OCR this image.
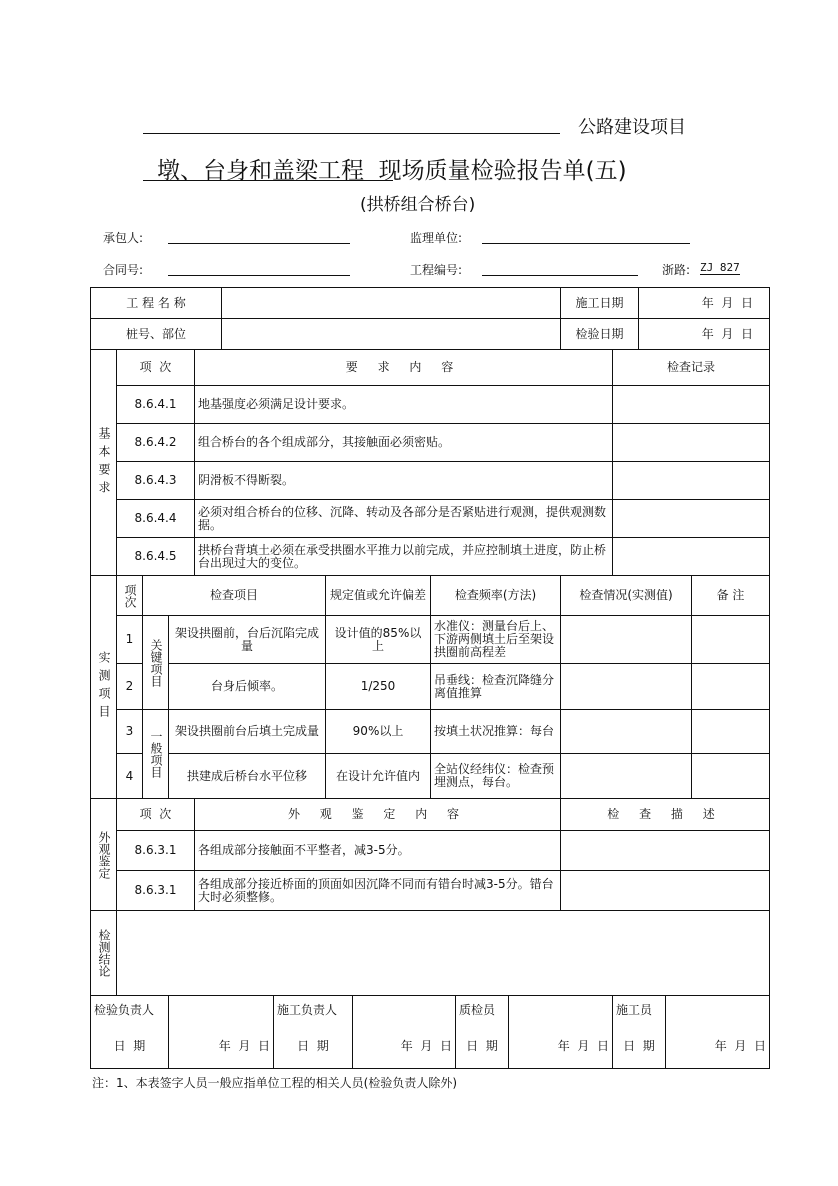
公路建设项目
墩、台身和盖梁工程  现场质量检验报告单(五)
(拱桥组合桥台)
承包人:	监理单位:
合同号:	工程编号:	浙路: ZJ 827
工 程 名 称		施工日期	年  月  日
桩号、部位		检验日期	年  月  日
基本要求	项  次	要 求 内 容	检查记录
	8.6.4.1	地基强度必须满足设计要求。	
	8.6.4.2	组合桥台的各个组成部分，其接触面必须密贴。	
	8.6.4.3	阴滑板不得断裂。	
	8.6.4.4	必须对组合桥台的位移、沉降、转动及各部分是否紧贴进行观测，提供观测数据。	
	8.6.4.5	拱桥台背填土必须在承受拱圈水平推力以前完成，并应控制填土进度，防止桥台出现过大的变位。	
实测项目	项次	检查项目		规定值或允许偏差	检查频率(方法)	检查情况(实测值)	备 注
	1	关键项目	架设拱圈前，台后沉陷完成量	设计值的85%以上	水准仪：测量台后上、下游两侧填土后至架设拱圈前高程差		
	2		台身后倾率。	1/250	吊垂线：检查沉降缝分离值推算		
	3	一般项目	架设拱圈前台后填土完成量	90%以上	按填土状况推算：每台		
	4		拱建成后桥台水平位移	在设计允许值内	全站仪经纬仪：检查预埋测点，每台。		
外观鉴定	项  次	外 观 鉴 定 内 容	检 查 描 述
	8.6.3.1	各组成部分接触面不平整者，减3-5分。	
	8.6.3.1	各组成部分接近桥面的顶面如因沉降不同而有错台时减3-5分。错台大时必须整修。	
检测结论

检验负责人		施工负责人		质检员		施工员	
日  期	年  月  日	日  期	年  月  日	日  期	年  月  日	日  期	年  月  日
注：1、本表签字人员一般应指单位工程的相关人员(检验负责人除外)
